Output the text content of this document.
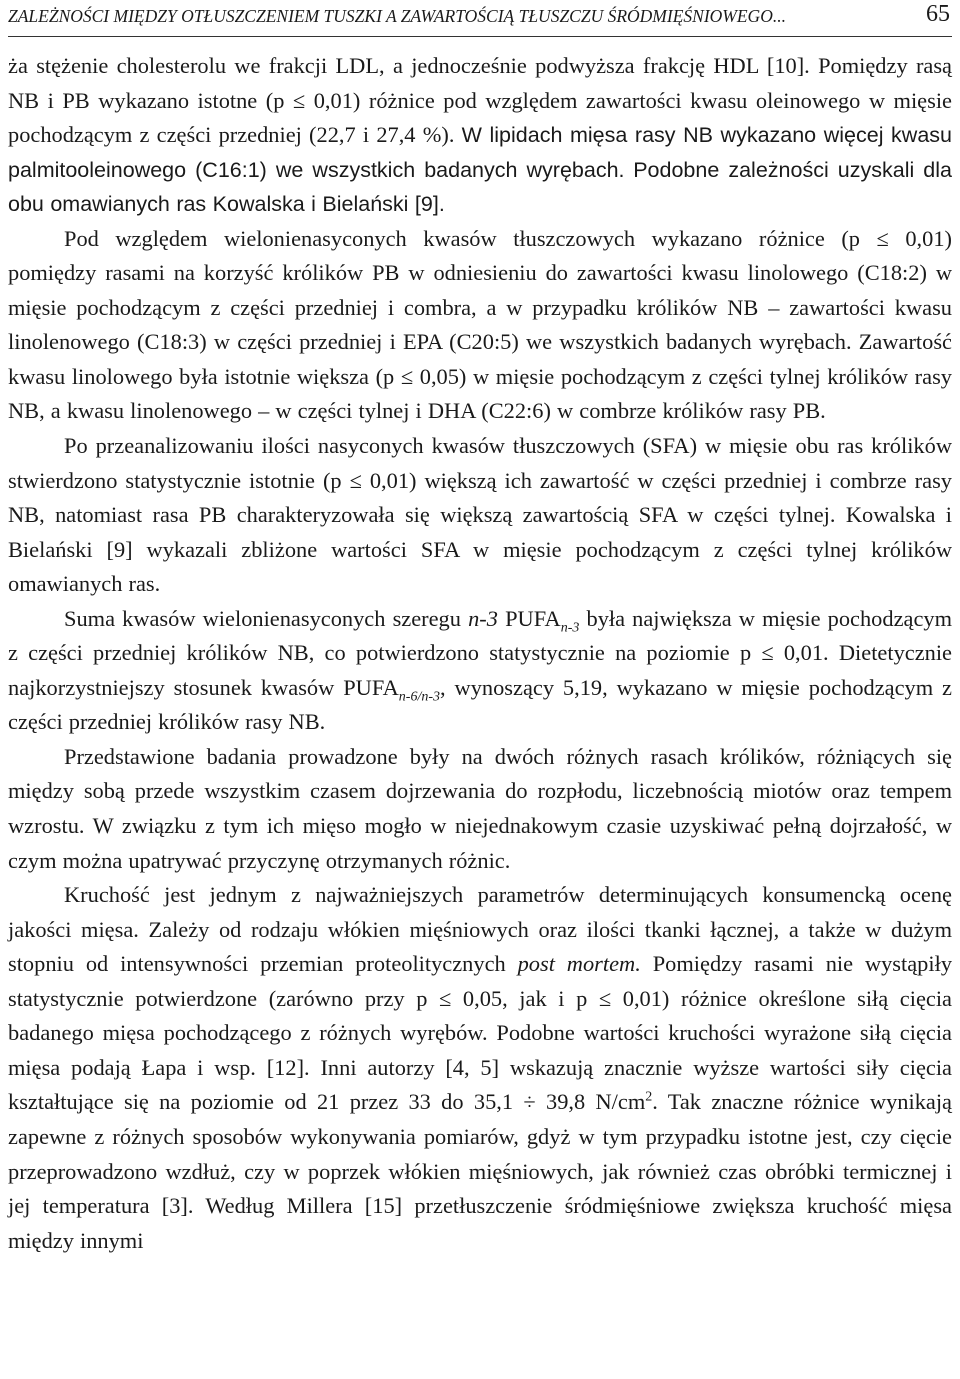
ZALEŻNOŚCI MIĘDZY OTŁUSZCZENIEM TUSZKI A ZAWARTOŚCIĄ TŁUSZCZU ŚRÓDMIĘŚNIOWEGO...	65

ża stężenie cholesterolu we frakcji LDL, a jednocześnie podwyższa frakcję HDL [10]. Pomiędzy rasą NB i PB wykazano istotne (p ≤ 0,01) różnice pod względem zawartości kwasu oleinowego w mięsie pochodzącym z części przedniej (22,7 i 27,4 %). W lipidach mięsa rasy NB wykazano więcej kwasu palmitooleinowego (C16:1) we wszystkich badanych wyrębach. Podobne zależności uzyskali dla obu omawianych ras Kowalska i Bielański [9].

Pod względem wielonienasyconych kwasów tłuszczowych wykazano różnice (p ≤ 0,01) pomiędzy rasami na korzyść królików PB w odniesieniu do zawartości kwasu linolowego (C18:2) w mięsie pochodzącym z części przedniej i combra, a w przypadku królików NB – zawartości kwasu linolenowego (C18:3) w części przedniej i EPA (C20:5) we wszystkich badanych wyrębach. Zawartość kwasu linolowego była istotnie większa (p ≤ 0,05) w mięsie pochodzącym z części tylnej królików rasy NB, a kwasu linolenowego – w części tylnej i DHA (C22:6) w combrze królików rasy PB.

Po przeanalizowaniu ilości nasyconych kwasów tłuszczowych (SFA) w mięsie obu ras królików stwierdzono statystycznie istotnie (p ≤ 0,01) większą ich zawartość w części przedniej i combrze rasy NB, natomiast rasa PB charakteryzowała się większą zawartością SFA w części tylnej. Kowalska i Bielański [9] wykazali zbliżone wartości SFA w mięsie pochodzącym z części tylnej królików omawianych ras.

Suma kwasów wielonienasyconych szeregu n-3 $PUFA_{n-3}$ była największa w mięsie pochodzącym z części przedniej królików NB, co potwierdzono statystycznie na poziomie p ≤ 0,01. Dietetycznie najkorzystniejszy stosunek kwasów $PUFA_{n-6/n-3}$, wynoszący 5,19, wykazano w mięsie pochodzącym z części przedniej królików rasy NB.

Przedstawione badania prowadzone były na dwóch różnych rasach królików, różniących się między sobą przede wszystkim czasem dojrzewania do rozpłodu, liczebnością miotów oraz tempem wzrostu. W związku z tym ich mięso mogło w niejednakowym czasie uzyskiwać pełną dojrzałość, w czym można upatrywać przyczynę otrzymanych różnic.

Kruchość jest jednym z najważniejszych parametrów determinujących konsumencką ocenę jakości mięsa. Zależy od rodzaju włókien mięśniowych oraz ilości tkanki łącznej, a także w dużym stopniu od intensywności przemian proteolitycznych post mortem. Pomiędzy rasami nie wystąpiły statystycznie potwierdzone (zarówno przy p ≤ 0,05, jak i p ≤ 0,01) różnice określone siłą cięcia badanego mięsa pochodzącego z różnych wyrębów. Podobne wartości kruchości wyrażone siłą cięcia mięsa podają Łapa i wsp. [12]. Inni autorzy [4, 5] wskazują znacznie wyższe wartości siły cięcia kształtujące się na poziomie od 21 przez 33 do 35,1 ÷ 39,8 $N/cm^2$. Tak znaczne różnice wynikają zapewne z różnych sposobów wykonywania pomiarów, gdyż w tym przypadku istotne jest, czy cięcie przeprowadzono wzdłuż, czy w poprzek włókien mięśniowych, jak również czas obróbki termicznej i jej temperatura [3]. Według Millera [15] przetłuszczenie śródmięśniowe zwiększa kruchość mięsa między innymi
